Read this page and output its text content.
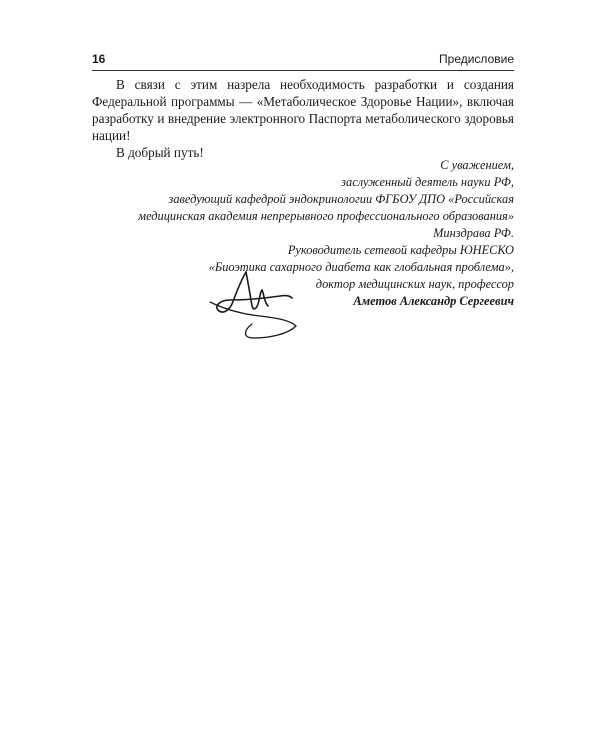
16	Предисловие

В связи с этим назрела необходимость разработки и создания Федеральной программы — «Метаболическое Здоровье Нации», включая разработку и внедрение электронного Паспорта метаболического здоровья нации!

В добрый путь!

С уважением,
заслуженный деятель науки РФ,
заведующий кафедрой эндокринологии ФГБОУ ДПО «Российская
медицинская академия непрерывного профессионального образования»
Минздрава РФ.
Руководитель сетевой кафедры ЮНЕСКО
«Биоэтика сахарного диабета как глобальная проблема»,
доктор медицинских наук, профессор
Аметов Александр Сергеевич
